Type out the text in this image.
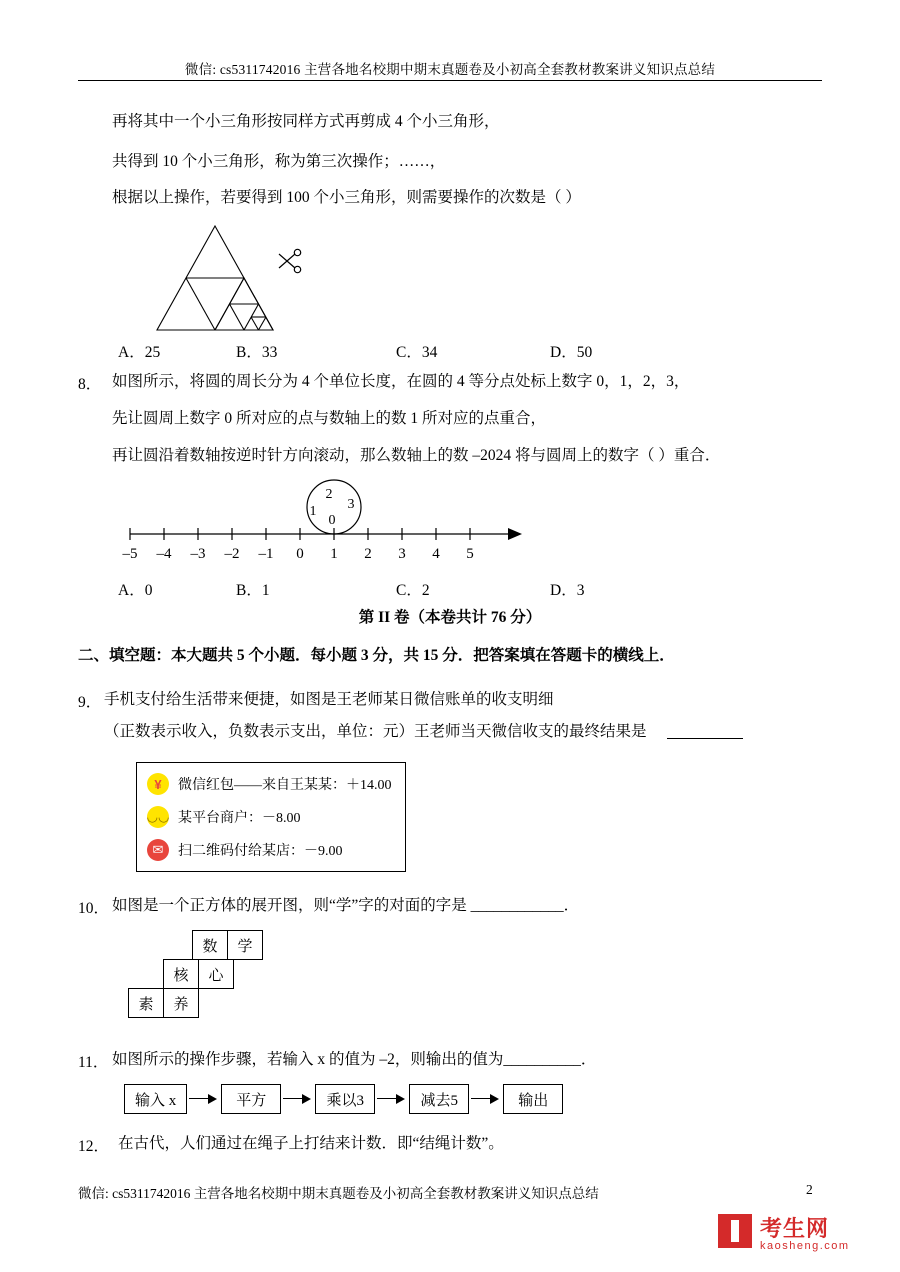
微信: cs5311742016 主营各地名校期中期末真题卷及小初高全套教材教案讲义知识点总结
再将其中一个小三角形按同样方式再剪成 4 个小三角形，
共得到 10 个小三角形，称为第三次操作；……，
根据以上操作，若要得到 100 个小三角形，则需要操作的次数是（ ）
A．25	B．33	C．34	D．50
8． 如图所示，将圆的周长分为 4 个单位长度，在圆的 4 等分点处标上数字 0，1，2，3，
先让圆周上数字 0 所对应的点与数轴上的数 1 所对应的点重合，
再让圆沿着数轴按逆时针方向滚动，那么数轴上的数 –2024 将与圆周上的数字（ ）重合．
–5 –4 –3 –2 –1 0 1 2 3 4 5
2
3
0
1
A．0	B．1	C．2	D．3
第 II 卷（本卷共计 76 分）
二、填空题：本大题共 5 个小题．每小题 3 分，共 15 分．把答案填在答题卡的横线上．
9． 手机支付给生活带来便捷，如图是王老师某日微信账单的收支明细
（正数表示收入，负数表示支出，单位：元）王老师当天微信收支的最终结果是
¥	微信红包——来自王某某：＋14.00
◡◡ 某平台商户：－8.00
✉	扫二维码付给某店：－9.00
10． 如图是一个正方体的展开图，则“学”字的对面的字是 ____________．
数	学
核	心
素	养
11． 如图所示的操作步骤，若输入 x 的值为 –2，则输出的值为__________．
输入 x	平方	乘以3	减去5	输出
12． 在古代，人们通过在绳子上打结来计数．即“结绳计数”。
微信: cs5311742016 主营各地名校期中期末真题卷及小初高全套教材教案讲义知识点总结	2
考生网
kaosheng.com
